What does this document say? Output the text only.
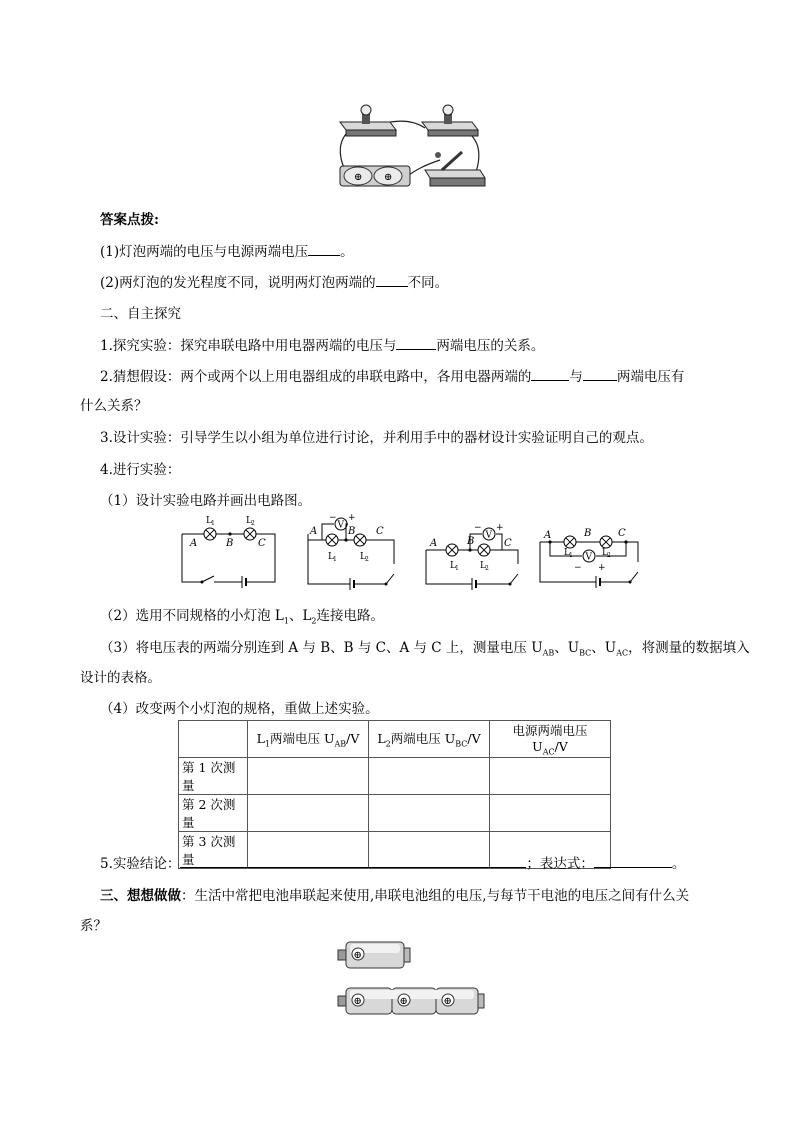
⊕ ⊕
答案点拨:
(1)灯泡两端的电压与电源两端电压 。
(2)两灯泡的发光程度不同，说明两灯泡两端的 不同。
二、自主探究
1.探究实验：探究串联电路中用电器两端的电压与	两端电压的关系。
2.猜想假设：两个或两个以上用电器组成的串联电路中，各用电器两端的	与	两端电压有
什么关系？
3.设计实验：引导学生以小组为单位进行讨论，并利用手中的器材设计实验证明自己的观点。
4.进行实验：
（1）设计实验电路并画出电路图。
A	B C
L 1	L 2	V
− +
A	B C
L 1	L 2
V
− +
A	B	C
L 1 L 2
V
− +
A	B	C
L 1	L 2
（2）选用不同规格的小灯泡 $L_1$、$L_2$连接电路。
（3）将电压表的两端分别连到 A 与 B、B 与 C、A 与 C 上，测量电压 $U_{AB}$、$U_{BC}$、$U_{AC}$，将测量的数据填入
设计的表格。
（4）改变两个小灯泡的规格，重做上述实验。
	$L_1$两端电压 $U_{AB}/V$	$L_2$两端电压 $U_{BC}/V$	电源两端电压 $U_{AC}/V$
第 1 次测量			
第 2 次测量			
第 3 次测量			
5.实验结论：	；表达式：	。
三、想想做做：生活中常把电池串联起来使用,串联电池组的电压,与每节干电池的电压之间有什么关
系？
⊕
⊕	⊕	⊕
